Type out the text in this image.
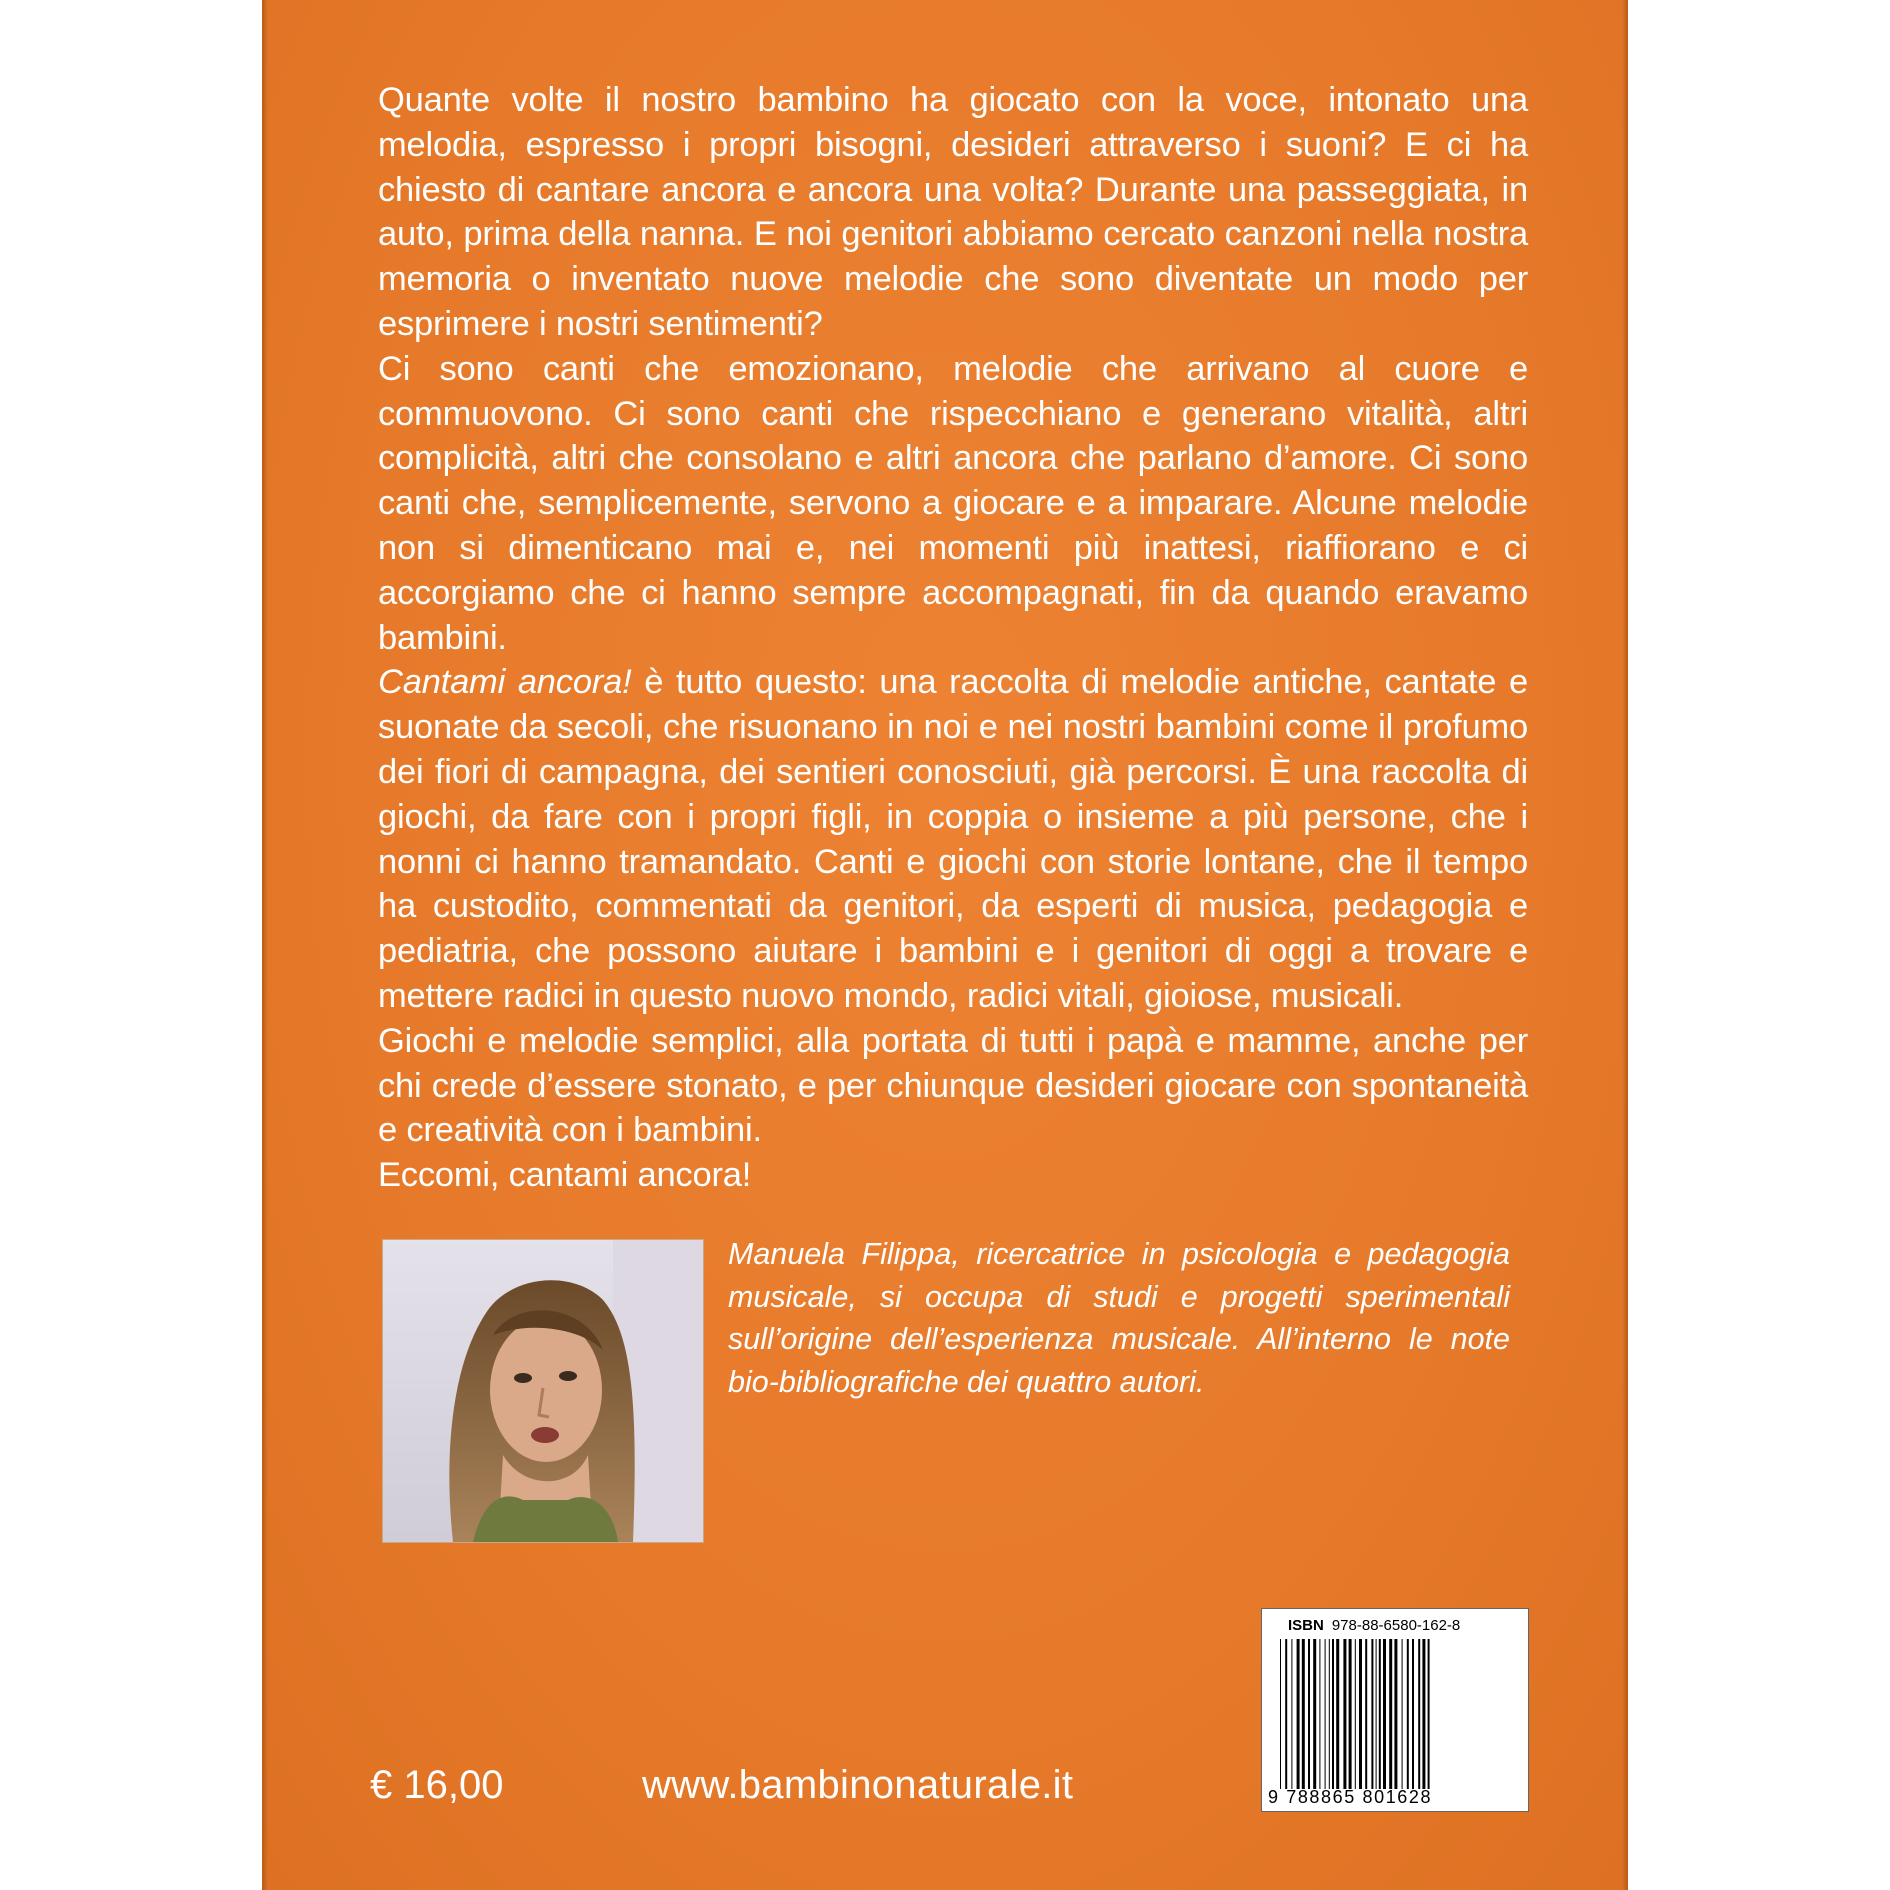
Quante volte il nostro bambino ha giocato con la voce, intonato una melodia, espresso i propri bisogni, desideri attraverso i suoni? E ci ha chiesto di cantare ancora e ancora una volta? Durante una passeggiata, in auto, prima della nanna. E noi genitori abbiamo cercato canzoni nella nostra memoria o inventato nuove melodie che sono diventate un modo per esprimere i nostri sentimenti?

Ci sono canti che emozionano, melodie che arrivano al cuore e commuovono. Ci sono canti che rispecchiano e generano vitalità, altri complicità, altri che consolano e altri ancora che parlano d’amore. Ci sono canti che, semplicemente, servono a giocare e a imparare. Alcune melodie non si dimenticano mai e, nei momenti più inattesi, riaffiorano e ci accorgiamo che ci hanno sempre accompagnati, fin da quando eravamo bambini.

Cantami ancora! è tutto questo: una raccolta di melodie antiche, cantate e suonate da secoli, che risuonano in noi e nei nostri bambini come il profumo dei fiori di campagna, dei sentieri conosciuti, già percorsi. È una raccolta di giochi, da fare con i propri figli, in coppia o insieme a più persone, che i nonni ci hanno tramandato. Canti e giochi con storie lontane, che il tempo ha custodito, commentati da genitori, da esperti di musica, pedagogia e pediatria, che possono aiutare i bambini e i genitori di oggi a trovare e mettere radici in questo nuovo mondo, radici vitali, gioiose, musicali.

Giochi e melodie semplici, alla portata di tutti i papà e mamme, anche per chi crede d’essere stonato, e per chiunque desideri giocare con spontaneità e creatività con i bambini.

Eccomi, cantami ancora!

Manuela Filippa, ricercatrice in psicologia e pedagogia musicale, si occupa di studi e progetti sperimentali sull’origine dell’esperienza musicale. All’interno le note bio-bibliografiche dei quattro autori.
ISBN 978-88-6580-162-8
9 788865 801628
€ 16,00	www.bambinonaturale.it
